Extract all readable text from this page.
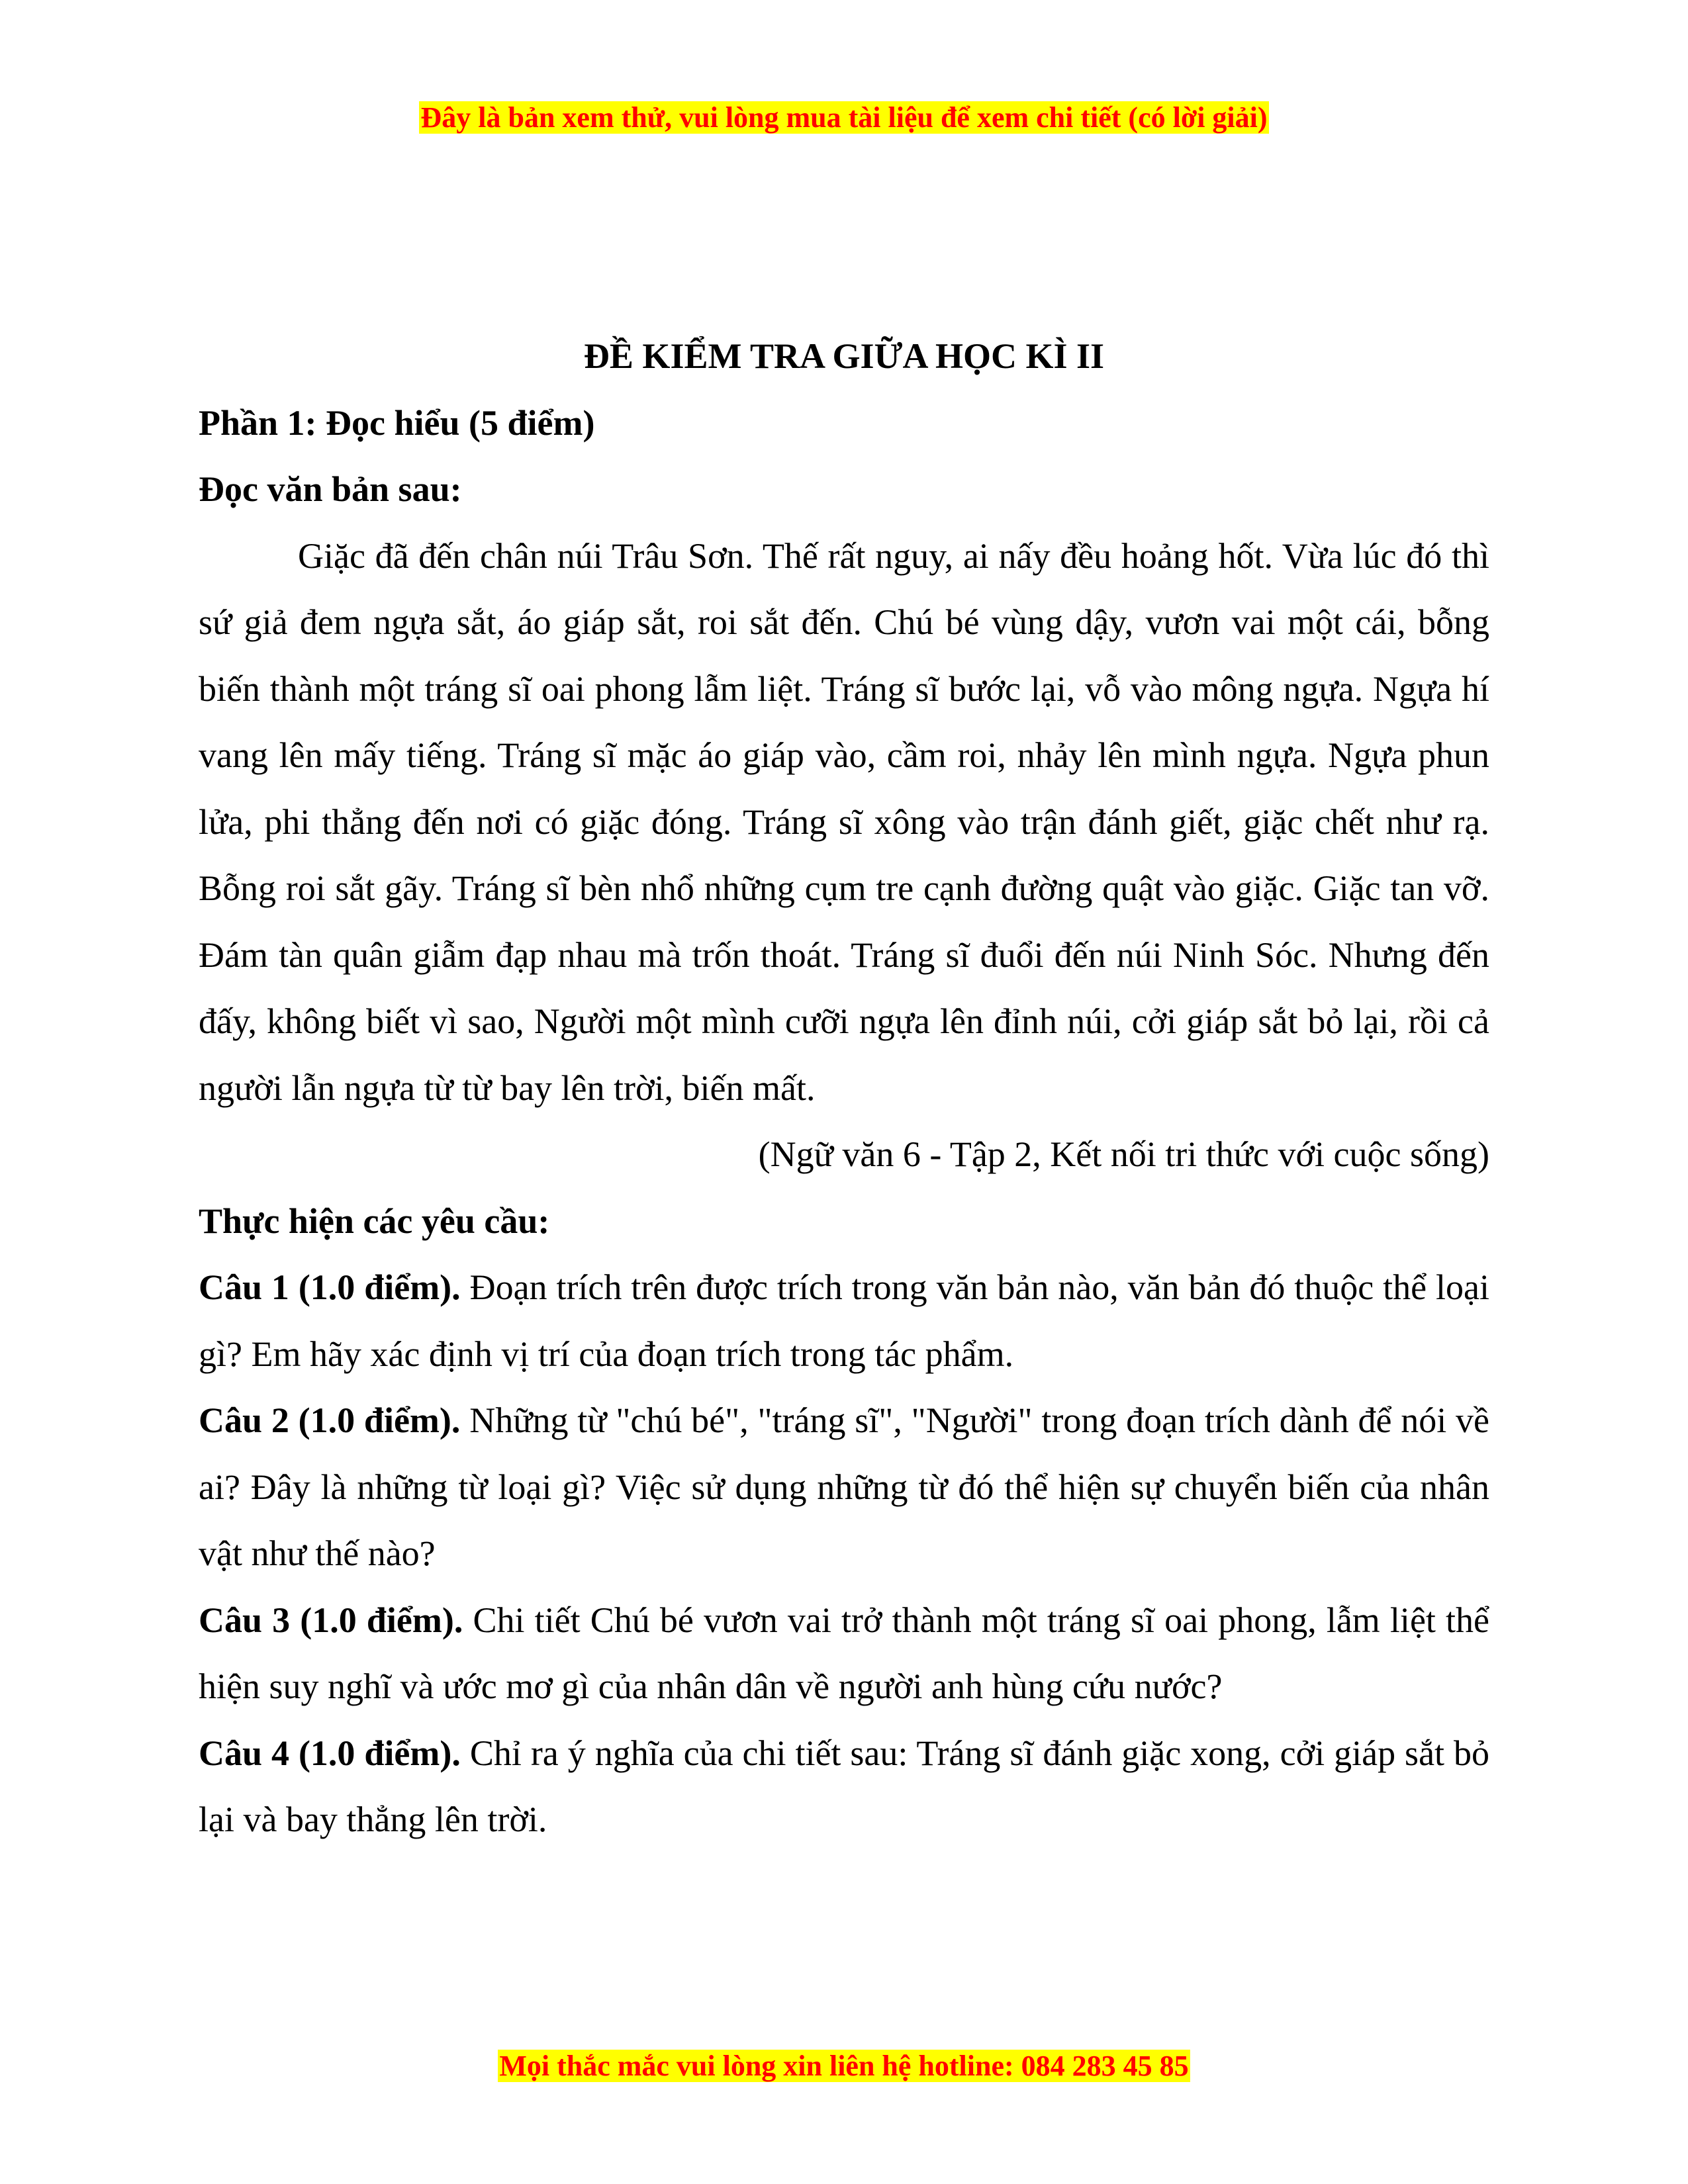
Đây là bản xem thử, vui lòng mua tài liệu để xem chi tiết (có lời giải)

ĐỀ KIỂM TRA GIỮA HỌC KÌ II

Phần 1: Đọc hiểu (5 điểm)

Đọc văn bản sau:

Giặc đã đến chân núi Trâu Sơn. Thế rất nguy, ai nấy đều hoảng hốt. Vừa lúc đó thì sứ giả đem ngựa sắt, áo giáp sắt, roi sắt đến. Chú bé vùng dậy, vươn vai một cái, bỗng biến thành một tráng sĩ oai phong lẫm liệt. Tráng sĩ bước lại, vỗ vào mông ngựa. Ngựa hí vang lên mấy tiếng. Tráng sĩ mặc áo giáp vào, cầm roi, nhảy lên mình ngựa. Ngựa phun lửa, phi thẳng đến nơi có giặc đóng. Tráng sĩ xông vào trận đánh giết, giặc chết như rạ. Bỗng roi sắt gãy. Tráng sĩ bèn nhổ những cụm tre cạnh đường quật vào giặc. Giặc tan vỡ. Đám tàn quân giẫm đạp nhau mà trốn thoát. Tráng sĩ đuổi đến núi Ninh Sóc. Nhưng đến đấy, không biết vì sao, Người một mình cưỡi ngựa lên đỉnh núi, cởi giáp sắt bỏ lại, rồi cả người lẫn ngựa từ từ bay lên trời, biến mất.

(Ngữ văn 6 - Tập 2, Kết nối tri thức với cuộc sống)

Thực hiện các yêu cầu:

Câu 1 (1.0 điểm). Đoạn trích trên được trích trong văn bản nào, văn bản đó thuộc thể loại gì? Em hãy xác định vị trí của đoạn trích trong tác phẩm.

Câu 2 (1.0 điểm). Những từ "chú bé", "tráng sĩ", "Người" trong đoạn trích dành để nói về ai? Đây là những từ loại gì? Việc sử dụng những từ đó thể hiện sự chuyển biến của nhân vật như thế nào?

Câu 3 (1.0 điểm). Chi tiết Chú bé vươn vai trở thành một tráng sĩ oai phong, lẫm liệt thể hiện suy nghĩ và ước mơ gì của nhân dân về người anh hùng cứu nước?

Câu 4 (1.0 điểm). Chỉ ra ý nghĩa của chi tiết sau: Tráng sĩ đánh giặc xong, cởi giáp sắt bỏ lại và bay thẳng lên trời.

Mọi thắc mắc vui lòng xin liên hệ hotline: 084 283 45 85
